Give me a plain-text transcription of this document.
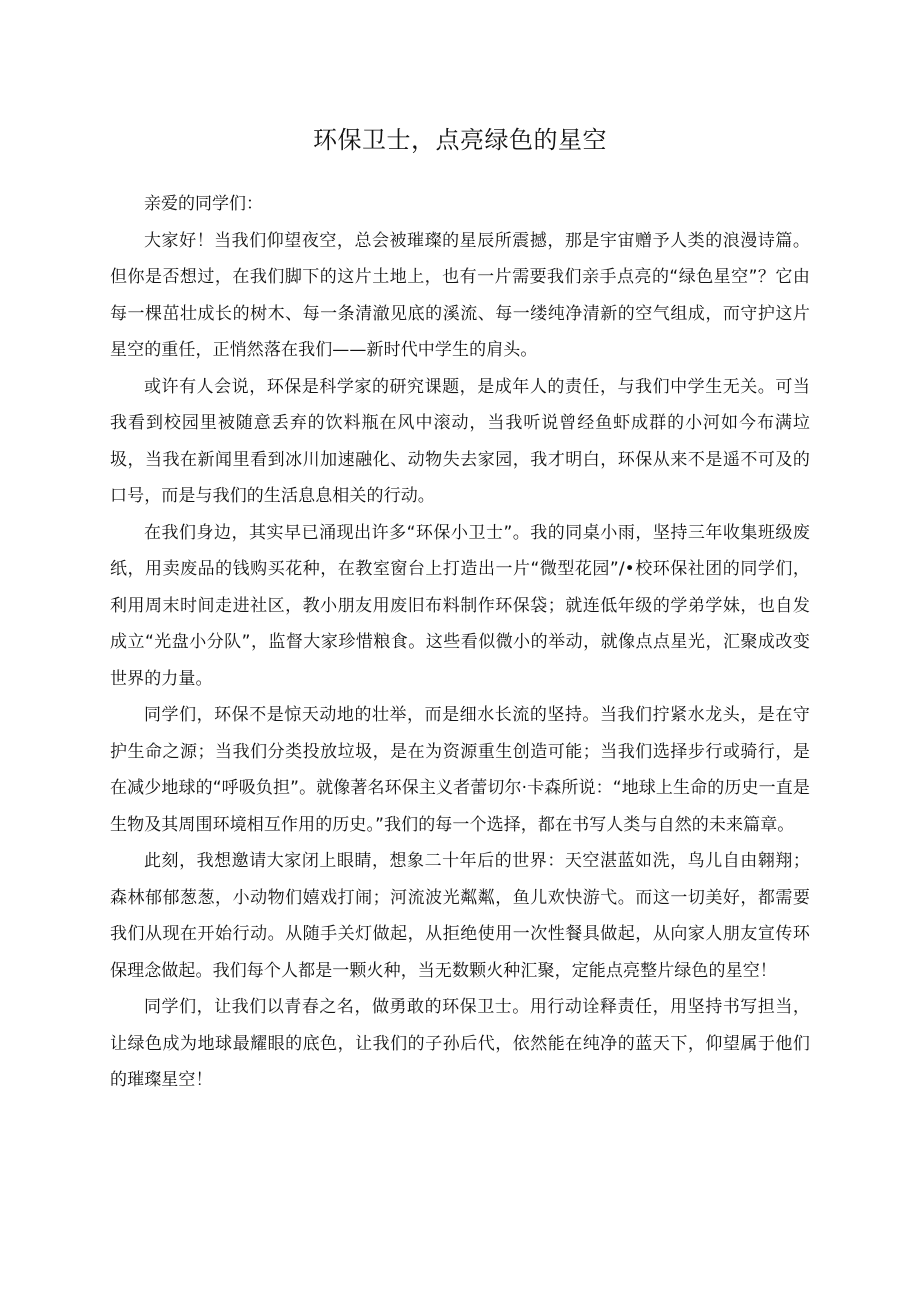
环保卫士，点亮绿色的星空

亲爱的同学们：

大家好！当我们仰望夜空，总会被璀璨的星辰所震撼，那是宇宙赠予人类的浪漫诗篇。但你是否想过，在我们脚下的这片土地上，也有一片需要我们亲手点亮的“绿色星空”？它由每一棵茁壮成长的树木、每一条清澈见底的溪流、每一缕纯净清新的空气组成，而守护这片星空的重任，正悄然落在我们——新时代中学生的肩头。

或许有人会说，环保是科学家的研究课题，是成年人的责任，与我们中学生无关。可当我看到校园里被随意丢弃的饮料瓶在风中滚动，当我听说曾经鱼虾成群的小河如今布满垃圾，当我在新闻里看到冰川加速融化、动物失去家园，我才明白，环保从来不是遥不可及的口号，而是与我们的生活息息相关的行动。

在我们身边，其实早已涌现出许多“环保小卫士”。我的同桌小雨，坚持三年收集班级废纸，用卖废品的钱购买花种，在教室窗台上打造出一片“微型花园”/•校环保社团的同学们，利用周末时间走进社区，教小朋友用废旧布料制作环保袋；就连低年级的学弟学妹，也自发成立“光盘小分队”，监督大家珍惜粮食。这些看似微小的举动，就像点点星光，汇聚成改变世界的力量。

同学们，环保不是惊天动地的壮举，而是细水长流的坚持。当我们拧紧水龙头，是在守护生命之源；当我们分类投放垃圾，是在为资源重生创造可能；当我们选择步行或骑行，是在减少地球的“呼吸负担”。就像著名环保主义者蕾切尔·卡森所说：“地球上生命的历史一直是生物及其周围环境相互作用的历史。”我们的每一个选择，都在书写人类与自然的未来篇章。

此刻，我想邀请大家闭上眼睛，想象二十年后的世界：天空湛蓝如洗，鸟儿自由翱翔；森林郁郁葱葱，小动物们嬉戏打闹；河流波光粼粼，鱼儿欢快游弋。而这一切美好，都需要我们从现在开始行动。从随手关灯做起，从拒绝使用一次性餐具做起，从向家人朋友宣传环保理念做起。我们每个人都是一颗火种，当无数颗火种汇聚，定能点亮整片绿色的星空！

同学们，让我们以青春之名，做勇敢的环保卫士。用行动诠释责任，用坚持书写担当，让绿色成为地球最耀眼的底色，让我们的子孙后代，依然能在纯净的蓝天下，仰望属于他们的璀璨星空！
